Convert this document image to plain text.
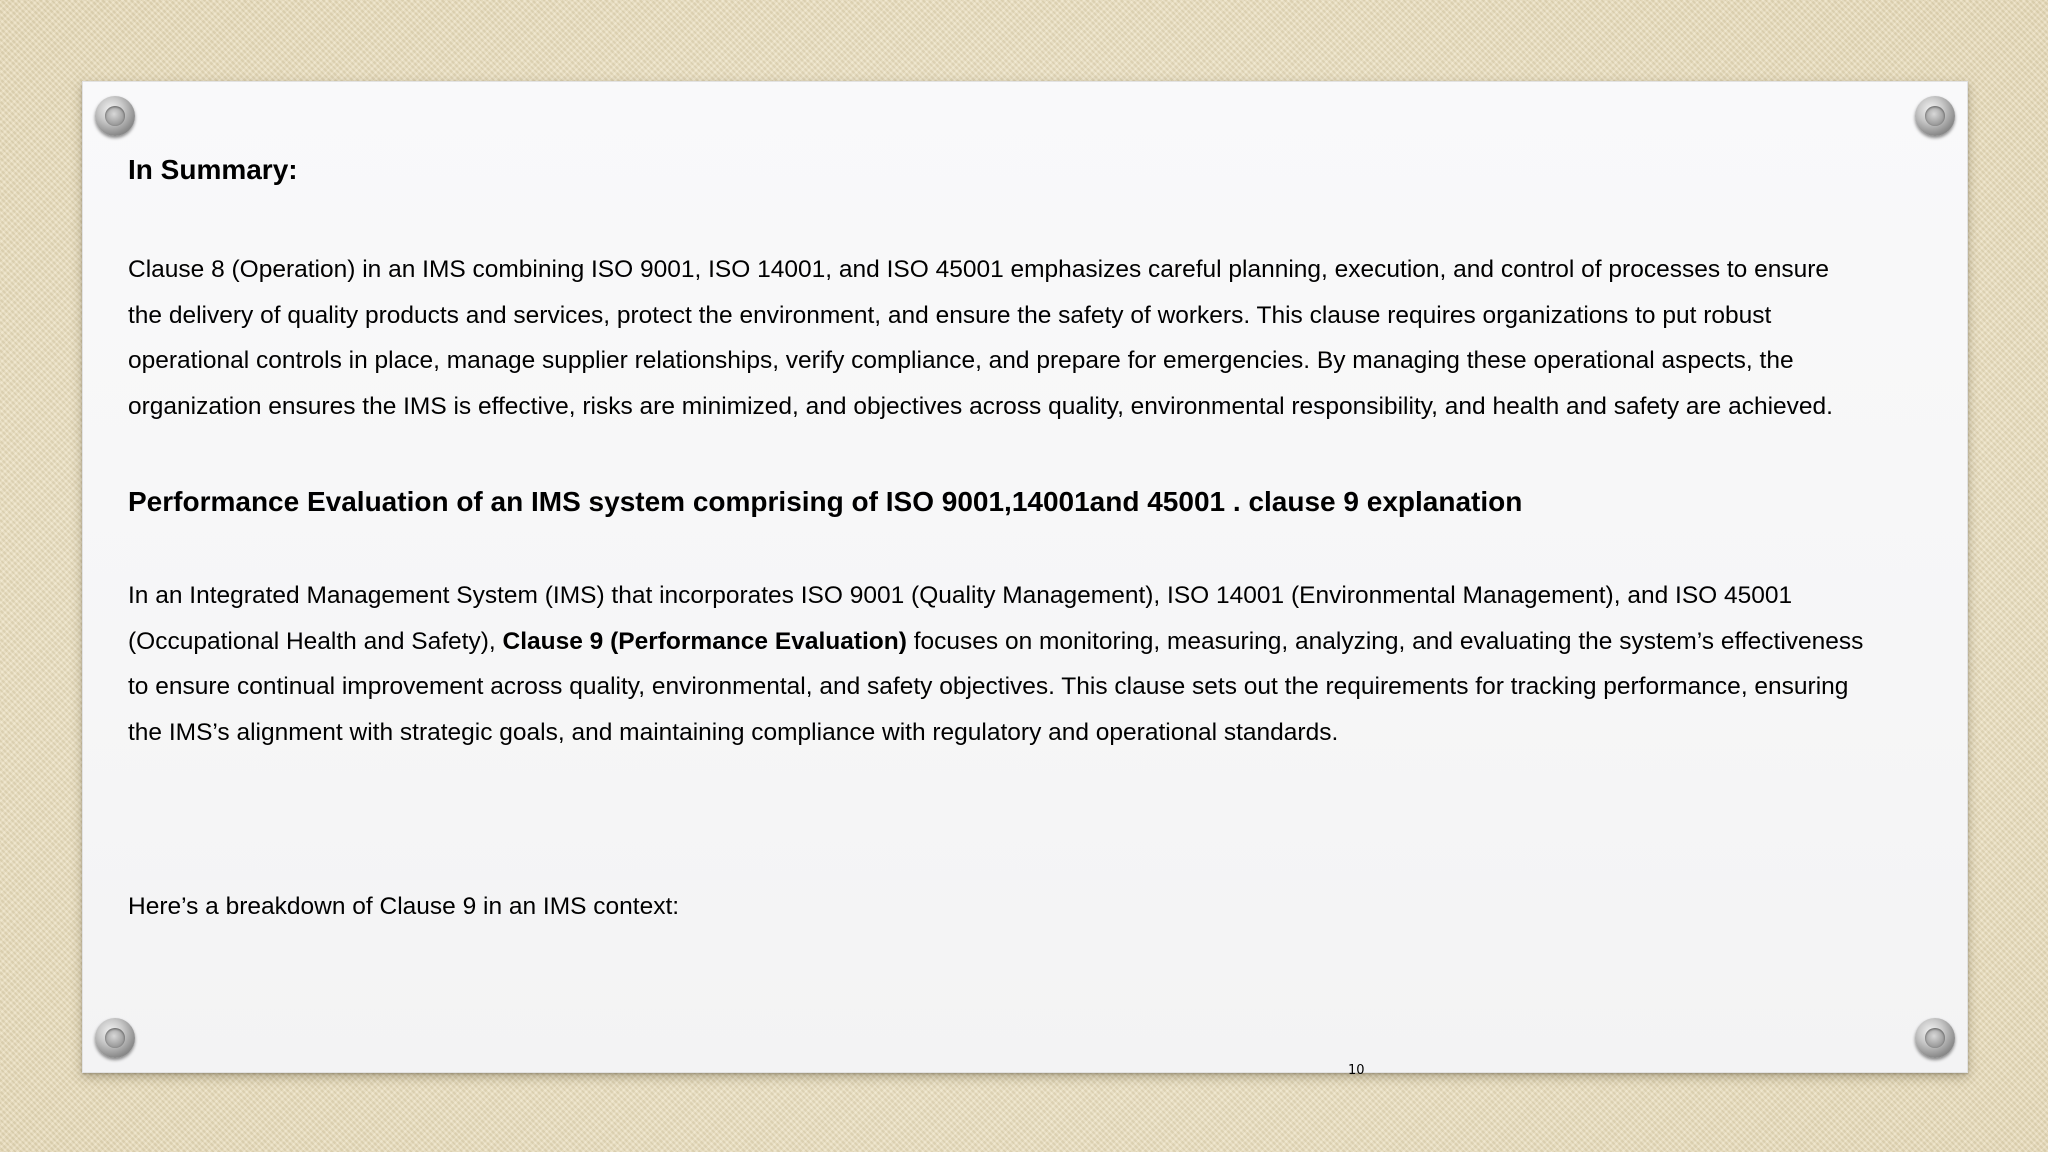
In Summary:

Clause 8 (Operation) in an IMS combining ISO 9001, ISO 14001, and ISO 45001 emphasizes careful planning, execution, and control of processes to ensure
the delivery of quality products and services, protect the environment, and ensure the safety of workers. This clause requires organizations to put robust
operational controls in place, manage supplier relationships, verify compliance, and prepare for emergencies. By managing these operational aspects, the
organization ensures the IMS is effective, risks are minimized, and objectives across quality, environmental responsibility, and health and safety are achieved.

Performance Evaluation of an IMS system comprising of ISO 9001,14001and 45001 . clause 9 explanation

In an Integrated Management System (IMS) that incorporates ISO 9001 (Quality Management), ISO 14001 (Environmental Management), and ISO 45001
(Occupational Health and Safety), Clause 9 (Performance Evaluation) focuses on monitoring, measuring, analyzing, and evaluating the system’s effectiveness
to ensure continual improvement across quality, environmental, and safety objectives. This clause sets out the requirements for tracking performance, ensuring
the IMS’s alignment with strategic goals, and maintaining compliance with regulatory and operational standards.

Here’s a breakdown of Clause 9 in an IMS context:

10
